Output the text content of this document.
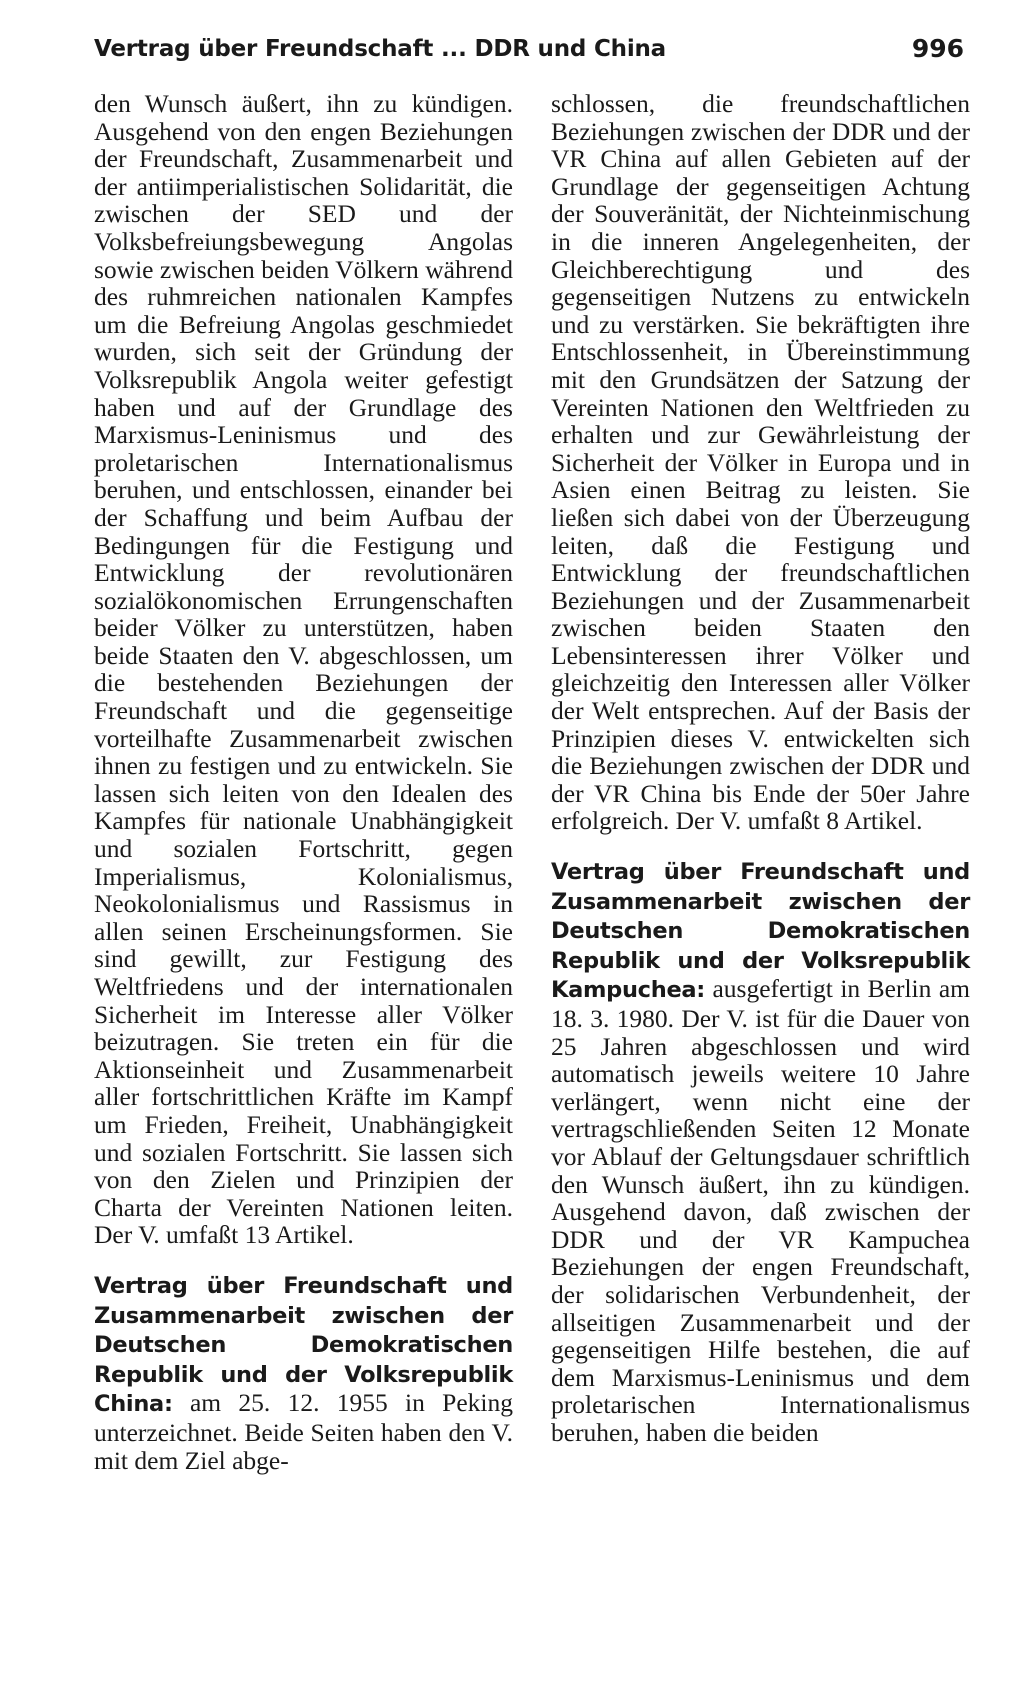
Vertrag über Freundschaft ... DDR und China	996

den Wunsch äußert, ihn zu kündigen. Ausgehend von den engen Beziehungen der Freundschaft, Zusammenarbeit und der antiimperialistischen Solidarität, die zwischen der SED und der Volksbefreiungsbewegung Angolas sowie zwischen beiden Völkern während des ruhmreichen nationalen Kampfes um die Befreiung Angolas geschmiedet wurden, sich seit der Gründung der Volksrepublik Angola weiter gefestigt haben und auf der Grundlage des Marxismus-Leninismus und des proletarischen Internationalismus beruhen, und entschlossen, einander bei der Schaffung und beim Aufbau der Bedingungen für die Festigung und Entwicklung der revolutionären sozialökonomischen Errungenschaften beider Völker zu unterstützen, haben beide Staaten den V. abgeschlossen, um die bestehenden Beziehungen der Freundschaft und die gegenseitige vorteilhafte Zusammenarbeit zwischen ihnen zu festigen und zu entwickeln. Sie lassen sich leiten von den Idealen des Kampfes für nationale Unabhängigkeit und sozialen Fortschritt, gegen Imperialismus, Kolonialismus, Neokolonialismus und Rassismus in allen seinen Erscheinungsformen. Sie sind gewillt, zur Festigung des Weltfriedens und der internationalen Sicherheit im Interesse aller Völker beizutragen. Sie treten ein für die Aktionseinheit und Zusammenarbeit aller fortschrittlichen Kräfte im Kampf um Frieden, Freiheit, Unabhängigkeit und sozialen Fortschritt. Sie lassen sich von den Zielen und Prinzipien der Charta der Vereinten Nationen leiten. Der V. umfaßt 13 Artikel.

Vertrag über Freundschaft und Zusammenarbeit zwischen der Deutschen Demokratischen Republik und der Volksrepublik China: am 25. 12. 1955 in Peking unterzeichnet. Beide Seiten haben den V. mit dem Ziel abge-

schlossen, die freundschaftlichen Beziehungen zwischen der DDR und der VR China auf allen Gebieten auf der Grundlage der gegenseitigen Achtung der Souveränität, der Nichteinmischung in die inneren Angelegenheiten, der Gleichberechtigung und des gegenseitigen Nutzens zu entwickeln und zu verstärken. Sie bekräftigten ihre Entschlossenheit, in Übereinstimmung mit den Grundsätzen der Satzung der Vereinten Nationen den Weltfrieden zu erhalten und zur Gewährleistung der Sicherheit der Völker in Europa und in Asien einen Beitrag zu leisten. Sie ließen sich dabei von der Überzeugung leiten, daß die Festigung und Entwicklung der freundschaftlichen Beziehungen und der Zusammenarbeit zwischen beiden Staaten den Lebensinteressen ihrer Völker und gleichzeitig den Interessen aller Völker der Welt entsprechen. Auf der Basis der Prinzipien dieses V. entwickelten sich die Beziehungen zwischen der DDR und der VR China bis Ende der 50er Jahre erfolgreich. Der V. umfaßt 8 Artikel.

Vertrag über Freundschaft und Zusammenarbeit zwischen der Deutschen Demokratischen Republik und der Volksrepublik Kampuchea: ausgefertigt in Berlin am 18. 3. 1980. Der V. ist für die Dauer von 25 Jahren abgeschlossen und wird automatisch jeweils weitere 10 Jahre verlängert, wenn nicht eine der vertragschließenden Seiten 12 Monate vor Ablauf der Geltungsdauer schriftlich den Wunsch äußert, ihn zu kündigen. Ausgehend davon, daß zwischen der DDR und der VR Kampuchea Beziehungen der engen Freundschaft, der solidarischen Verbundenheit, der allseitigen Zusammenarbeit und der gegenseitigen Hilfe bestehen, die auf dem Marxismus-Leninismus und dem proletarischen Internationalismus beruhen, haben die beiden
